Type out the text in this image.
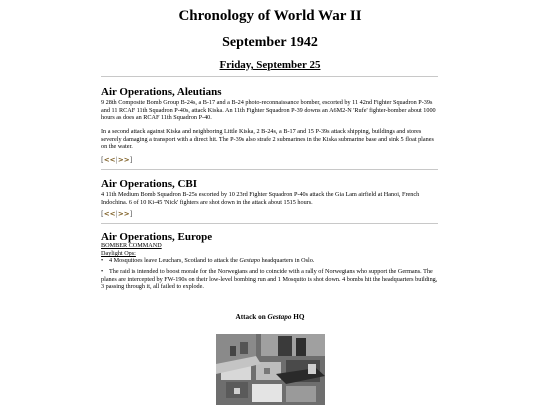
Chronology of World War II
September 1942
Friday, September 25
Air Operations, Aleutians

9 28th Composite Bomb Group B-24s, a B-17 and a B-24 photo-reconnaissance bomber, escorted by 11 42nd Fighter Squadron P-39s and 11 RCAF 11th Squadron P-40s, attack Kiska. An 11th Fighter Squadron P-39 downs an A6M2-N 'Rufe' fighter-bomber about 1000 hours as does an RCAF 11th Squadron P-40.

In a second attack against Kiska and neighboring Little Kiska, 2 B-24s, a B-17 and 15 P-39s attack shipping, buildings and stores severely damaging a transport with a direct hit. The P-39s also strafe 2 submarines in the Kiska submarine base and sink 5 float planes on the water.

[<<|>>]
Air Operations, CBI

4 11th Medium Bomb Squadron B-25s escorted by 10 23rd Fighter Squadron P-40s attack the Gia Lam airfield at Hanoi, French Indochina. 6 of 10 Ki-45 'Nick' fighters are shot down in the attack about 1515 hours.

[<<|>>]
Air Operations, Europe
BOMBER COMMAND
Daylight Ops:
• 4 Mosquitoes leave Leuchars, Scotland to attack the Gestapo headquarters in Oslo.
• The raid is intended to boost morale for the Norwegians and to coincide with a rally of Norwegians who support the Germans. The planes are intercepted by FW-190s on their low-level bombing run and 1 Mosquito is shot down. 4 bombs hit the headquarters building, 3 passing through it, all failed to explode.
Attack on Gestapo HQ
